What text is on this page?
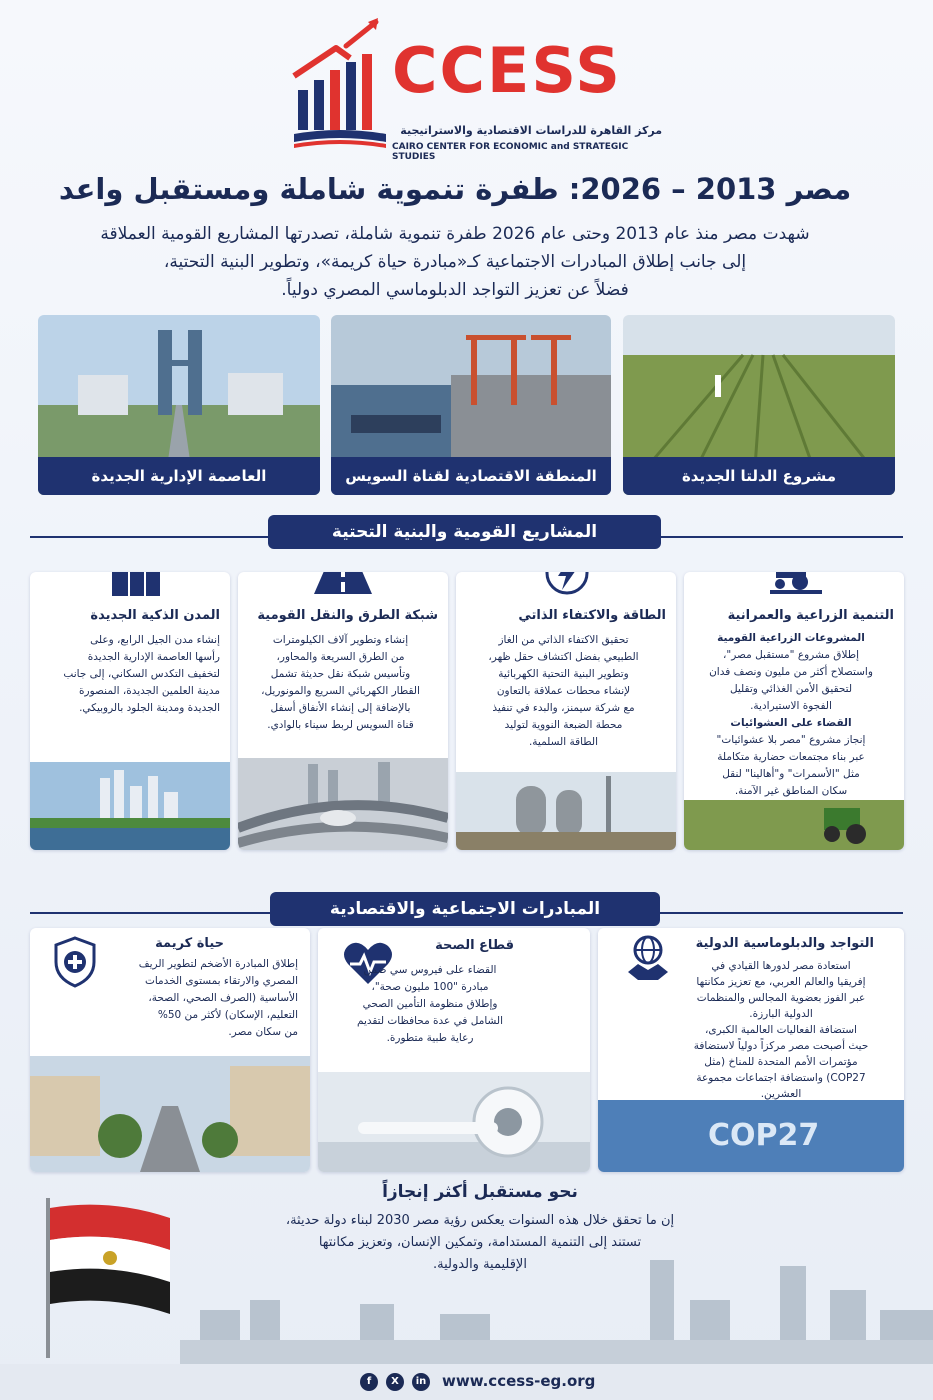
CCESS
مركز القاهرة للدراسات الاقتصادية والاستراتيجية
CAIRO CENTER FOR ECONOMIC and STRATEGIC STUDIES
مصر 2013 – 2026: طفرة تنموية شاملة ومستقبل واعد
شهدت مصر منذ عام 2013 وحتى عام 2026 طفرة تنموية شاملة، تصدرتها المشاريع القومية العملاقة
إلى جانب إطلاق المبادرات الاجتماعية كـ«مبادرة حياة كريمة»، وتطوير البنية التحتية،
فضلاً عن تعزيز التواجد الدبلوماسي المصري دولياً.
العاصمة الإدارية الجديدة	المنطقة الاقتصادية لقناة السويس	مشروع الدلتا الجديدة
المشاريع القومية والبنية التحتية
المدن الذكية الجديدة
إنشاء مدن الجيل الرابع، وعلى
رأسها العاصمة الإدارية الجديدة
لتخفيف التكدس السكاني، إلى جانب
مدينة العلمين الجديدة، المنصورة
الجديدة ومدينة الجلود بالروبيكي.
شبكة الطرق والنقل القومية
إنشاء وتطوير آلاف الكيلومترات
من الطرق السريعة والمحاور،
وتأسيس شبكة نقل حديثة تشمل
القطار الكهربائي السريع والمونوريل،
بالإضافة إلى إنشاء الأنفاق أسفل
قناة السويس لربط سيناء بالوادي.
الطاقة والاكتفاء الذاتي
تحقيق الاكتفاء الذاتي من الغاز
الطبيعي بفضل اكتشاف حقل ظهر،
وتطوير البنية التحتية الكهربائية
لإنشاء محطات عملاقة بالتعاون
مع شركة سيمنز، والبدء في تنفيذ
محطة الضبعة النووية لتوليد
الطاقة السلمية.
التنمية الزراعية والعمرانية
المشروعات الزراعية القومية
إطلاق مشروع "مستقبل مصر"،
واستصلاح أكثر من مليون ونصف فدان
لتحقيق الأمن الغذائي وتقليل
الفجوة الاستيرادية.
القضاء على العشوائيات
إنجاز مشروع "مصر بلا عشوائيات"
عبر بناء مجتمعات حضارية متكاملة
مثل "الأسمرات" و"أهالينا" لنقل
سكان المناطق غير الآمنة.
المبادرات الاجتماعية والاقتصادية
حياة كريمة
إطلاق المبادرة الأضخم لتطوير الريف
المصري والارتقاء بمستوى الخدمات
الأساسية (الصرف الصحي، الصحة،
التعليم، الإسكان) لأكثر من 50%
من سكان مصر.
قطاع الصحة
القضاء على فيروس سي ضمن
مبادرة "100 مليون صحة"،
وإطلاق منظومة التأمين الصحي
الشامل في عدة محافظات لتقديم
رعاية طبية متطورة.
التواجد والدبلوماسية الدولية
استعادة مصر لدورها القيادي في
إفريقيا والعالم العربي، مع تعزيز مكانتها
عبر الفوز بعضوية المجالس والمنظمات
الدولية البارزة.
استضافة الفعاليات العالمية الكبرى،
حيث أصبحت مصر مركزاً دولياً لاستضافة
مؤتمرات الأمم المتحدة للمناخ (مثل
COP27) واستضافة اجتماعات مجموعة
العشرين.
COP27
نحو مستقبل أكثر إنجازاً
إن ما تحقق خلال هذه السنوات يعكس رؤية مصر 2030 لبناء دولة حديثة،
تستند إلى التنمية المستدامة، وتمكين الإنسان، وتعزيز مكانتها
الإقليمية والدولية.
f	X	in www.ccess-eg.org
